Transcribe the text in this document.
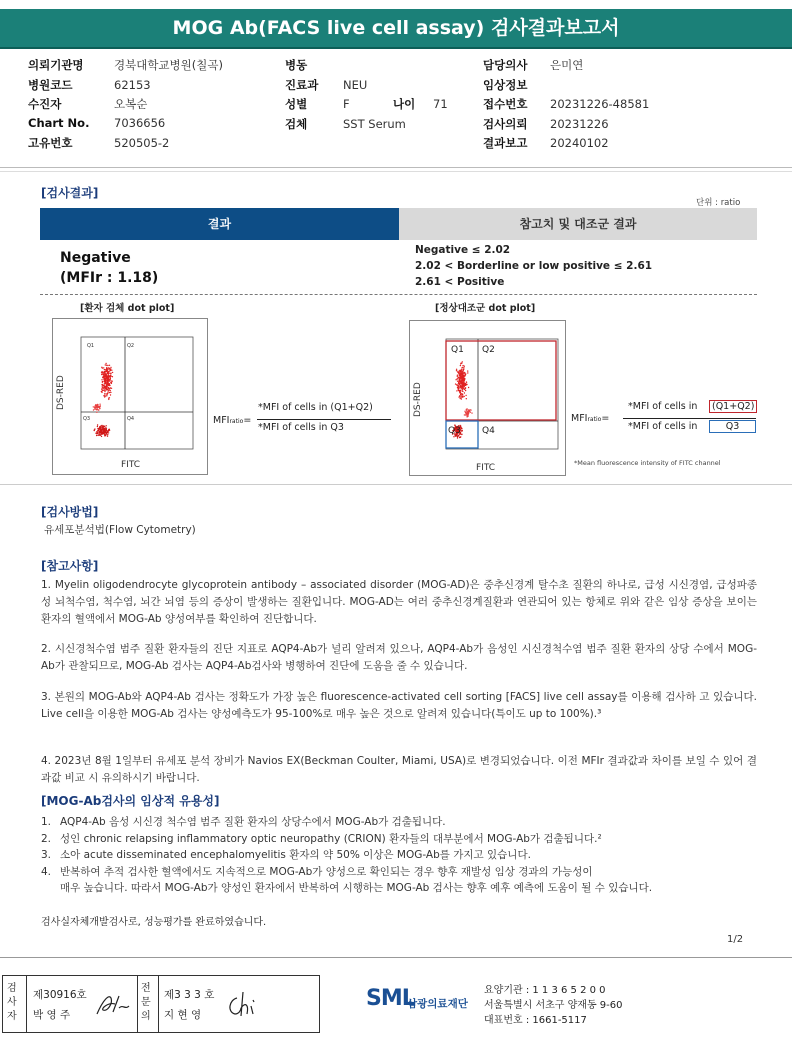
MOG Ab(FACS live cell assay) 검사결과보고서
의뢰기관명	경북대학교병원(칠곡)
병원코드	62153
수진자	오복순
Chart No. 7036656
고유번호	520505-2
병동
진료과 NEU
성별	F	나이 71
검체	SST Serum
담당의사 은미연
임상정보
접수번호 20231226-48581
검사의뢰 20231226
결과보고 20240102
[검사결과]
단위 : ratio
결과	참고치 및 대조군 결과
Negative
(MFIr : 1.18)
Negative ≤ 2.02
2.02 < Borderline or low positive ≤ 2.61
2.61 < Positive
[환자 검체 dot plot]
Q1	Q2
Q3	Q4
DS-RED
FITC
MFIratio=
*MFI of cells in (Q1+Q2)
*MFI of cells in Q3
[정상대조군 dot plot]
Q1 Q2
Q3 Q4
DS-RED
FITC
MFIratio=
*MFI of cells in	(Q1+Q2)
*MFI of cells in	Q3
*Mean fluorescence intensity of FITC channel
[검사방법]
유세포분석법(Flow Cytometry)
[참고사항]
1. Myelin oligodendrocyte glycoprotein antibody – associated disorder (MOG-AD)은 중추신경계 탈수초 질환의 하나로, 급성 시신경염, 급성파종성 뇌척수염, 척수염, 뇌간 뇌염 등의 증상이 발생하는 질환입니다. MOG-AD는 여러 중추신경계질환과 연관되어 있는 항체로 위와 같은 임상 증상을 보이는 환자의 혈액에서 MOG-Ab 양성여부를 확인하여 진단합니다.
2. 시신경척수염 범주 질환 환자들의 진단 지표로 AQP4-Ab가 널리 알려져 있으나, AQP4-Ab가 음성인 시신경척수염 범주 질환 환자의 상당 수에서 MOG-Ab가 관찰되므로, MOG-Ab 검사는 AQP4-Ab검사와 병행하여 진단에 도움을 줄 수 있습니다.
3. 본원의 MOG-Ab와 AQP4-Ab 검사는 정확도가 가장 높은 fluorescence-activated cell sorting [FACS] live cell assay를 이용해 검사하 고 있습니다. Live cell을 이용한 MOG-Ab 검사는 양성예측도가 95-100%로 매우 높은 것으로 알려져 있습니다(특이도 up to 100%).³
4. 2023년 8월 1일부터 유세포 분석 장비가 Navios EX(Beckman Coulter, Miami, USA)로 변경되었습니다. 이전 MFIr 결과값과 차이를 보일 수 있어 결과값 비교 시 유의하시기 바랍니다.
[MOG-Ab검사의 임상적 유용성]
1. AQP4-Ab 음성 시신경 척수염 범주 질환 환자의 상당수에서 MOG-Ab가 검출됩니다.
2. 성인 chronic relapsing inflammatory optic neuropathy (CRION) 환자들의 대부분에서 MOG-Ab가 검출됩니다.²
3. 소아 acute disseminated encephalomyelitis 환자의 약 50% 이상은 MOG-Ab를 가지고 있습니다.
4. 반복하여 추적 검사한 혈액에서도 지속적으로 MOG-Ab가 양성으로 확인되는 경우 향후 재발성 임상 경과의 가능성이
매우 높습니다. 따라서 MOG-Ab가 양성인 환자에서 반복하여 시행하는 MOG-Ab 검사는 향후 예후 예측에 도움이 될 수 있습니다.
검사실자체개발검사로, 성능평가를 완료하였습니다.
1/2
검사자
제30916호
박 영 주
전문의
제3 3 3 호
지 현 영
SML
삼광의료재단
요양기관 : 1 1 3 6 5 2 0 0
서울특별시 서초구 양재동 9-60
대표번호 : 1661-5117
